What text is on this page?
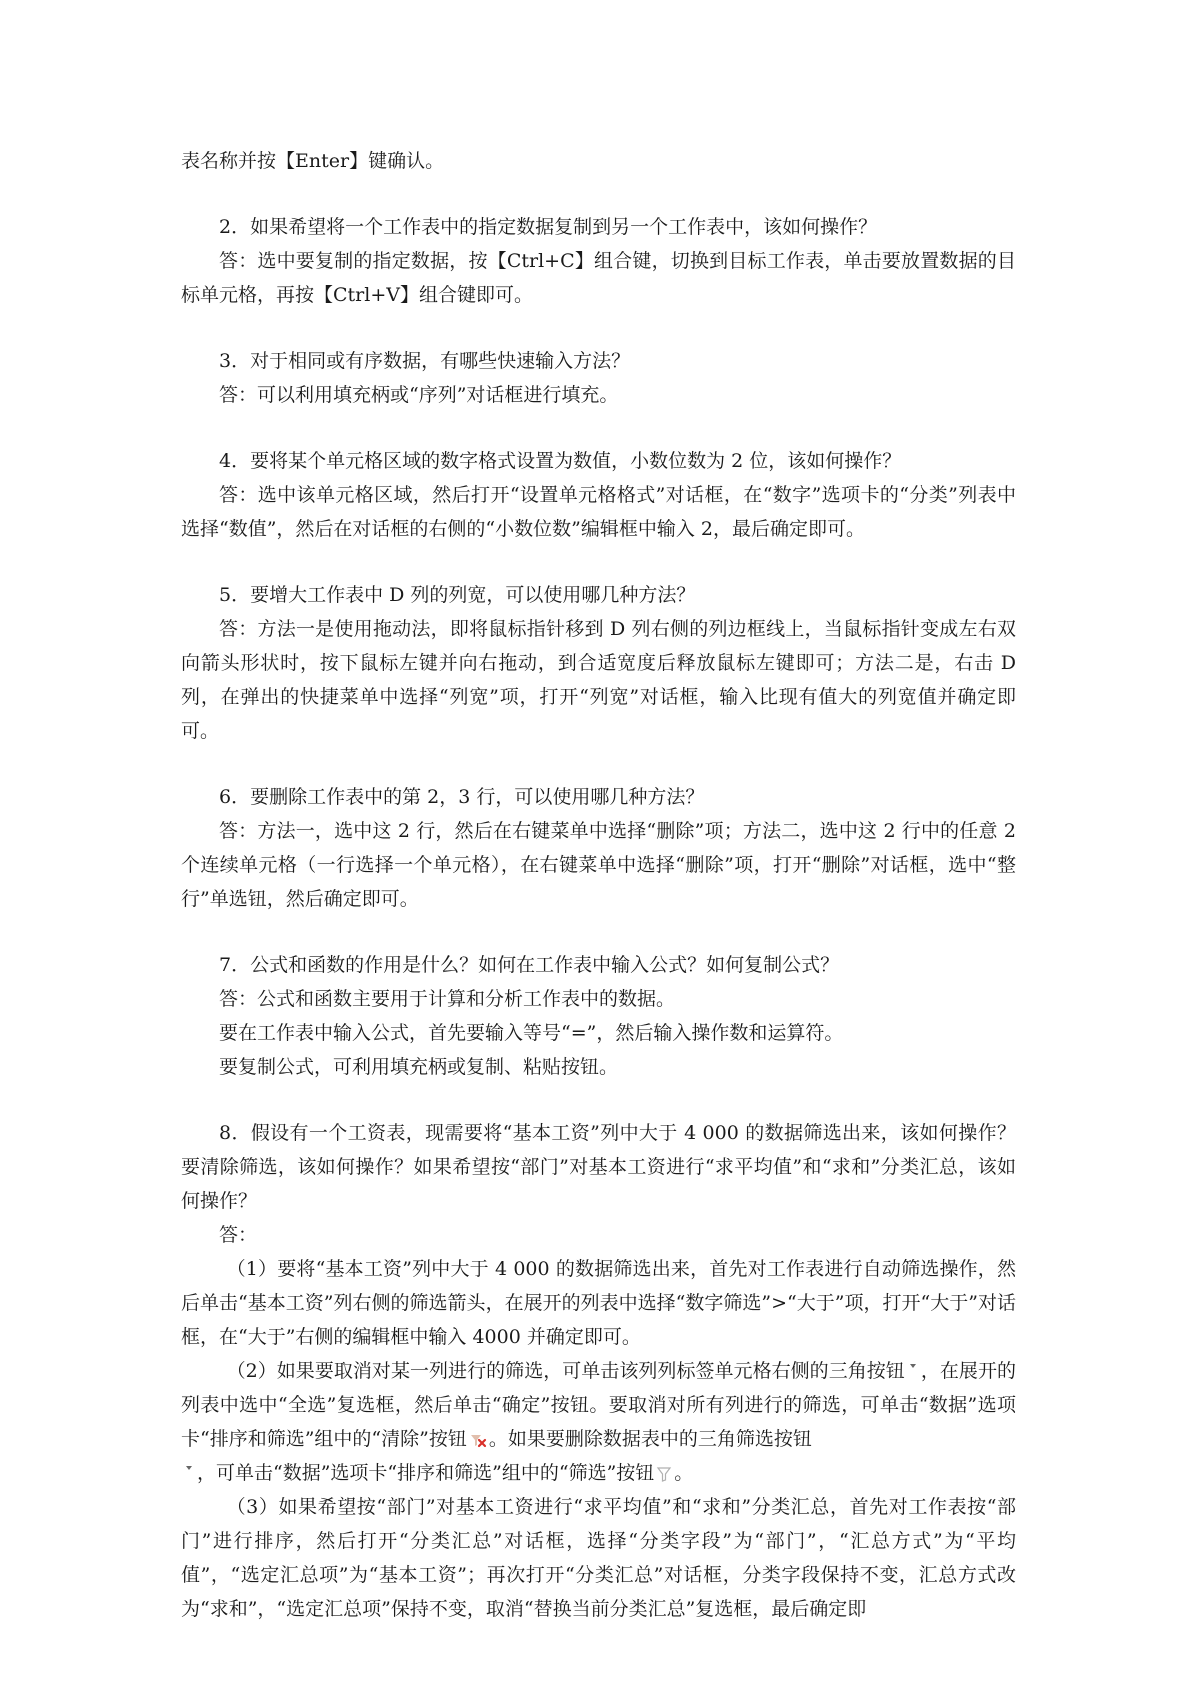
表名称并按【Enter】键确认。

2．如果希望将一个工作表中的指定数据复制到另一个工作表中，该如何操作？

答：选中要复制的指定数据，按【Ctrl+C】组合键，切换到目标工作表，单击要放置数据的目标单元格，再按【Ctrl+V】组合键即可。

3．对于相同或有序数据，有哪些快速输入方法？

答：可以利用填充柄或“序列”对话框进行填充。

4．要将某个单元格区域的数字格式设置为数值，小数位数为 2 位，该如何操作？

答：选中该单元格区域，然后打开“设置单元格格式”对话框，在“数字”选项卡的“分类”列表中选择“数值”，然后在对话框的右侧的“小数位数”编辑框中输入 2，最后确定即可。

5．要增大工作表中 D 列的列宽，可以使用哪几种方法？

答：方法一是使用拖动法，即将鼠标指针移到 D 列右侧的列边框线上，当鼠标指针变成左右双向箭头形状时，按下鼠标左键并向右拖动，到合适宽度后释放鼠标左键即可；方法二是，右击 D 列，在弹出的快捷菜单中选择“列宽”项，打开“列宽”对话框，输入比现有值大的列宽值并确定即可。

6．要删除工作表中的第 2，3 行，可以使用哪几种方法？

答：方法一，选中这 2 行，然后在右键菜单中选择“删除”项；方法二，选中这 2 行中的任意 2 个连续单元格（一行选择一个单元格），在右键菜单中选择“删除”项，打开“删除”对话框，选中“整行”单选钮，然后确定即可。

7．公式和函数的作用是什么？如何在工作表中输入公式？如何复制公式？

答：公式和函数主要用于计算和分析工作表中的数据。

要在工作表中输入公式，首先要输入等号“=”，然后输入操作数和运算符。

要复制公式，可利用填充柄或复制、粘贴按钮。

8．假设有一个工资表，现需要将“基本工资”列中大于 4 000 的数据筛选出来，该如何操作？要清除筛选，该如何操作？如果希望按“部门”对基本工资进行“求平均值”和“求和”分类汇总，该如何操作？

答：

（1）要将“基本工资”列中大于 4 000 的数据筛选出来，首先对工作表进行自动筛选操作，然后单击“基本工资”列右侧的筛选箭头，在展开的列表中选择“数字筛选”>“大于”项，打开“大于”对话框，在“大于”右侧的编辑框中输入 4000 并确定即可。

（2）如果要取消对某一列进行的筛选，可单击该列列标签单元格右侧的三角按钮 ，在展开的列表中选中“全选”复选框，然后单击“确定”按钮。要取消对所有列进行的筛选，可单击“数据”选项卡“排序和筛选”组中的“清除”按钮 。如果要删除数据表中的三角筛选按钮
，可单击“数据”选项卡“排序和筛选”组中的“筛选”按钮 。

（3）如果希望按“部门”对基本工资进行“求平均值”和“求和”分类汇总，首先对工作表按“部门”进行排序，然后打开“分类汇总”对话框，选择“分类字段”为“部门”，“汇总方式”为“平均值”，“选定汇总项”为“基本工资”；再次打开“分类汇总”对话框，分类字段保持不变，汇总方式改为“求和”，“选定汇总项”保持不变，取消“替换当前分类汇总”复选框，最后确定即
